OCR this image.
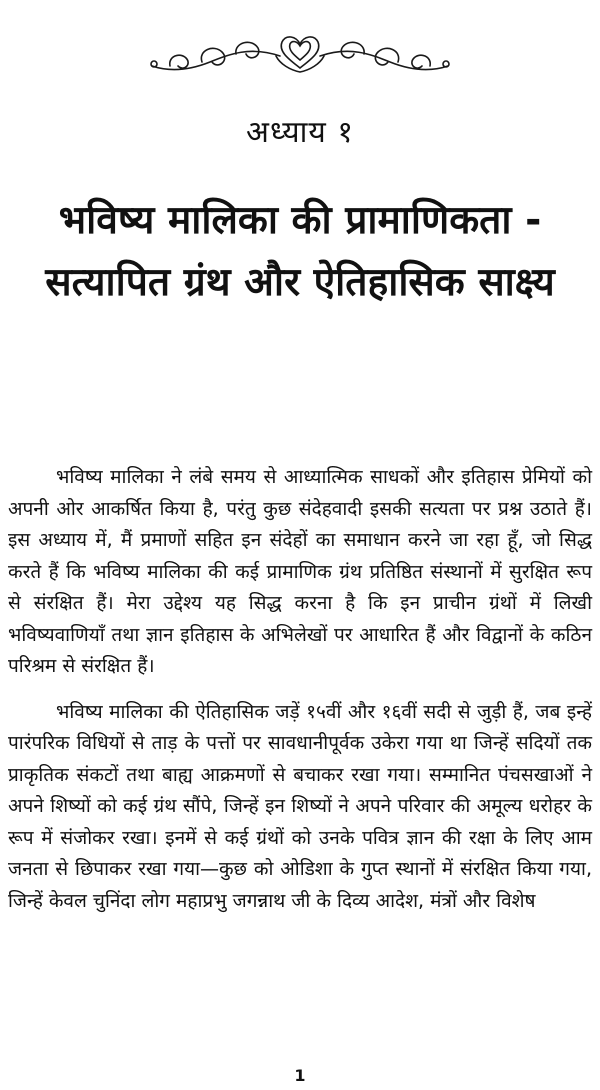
अध्याय १
भविष्य मालिका की प्रामाणिकता - सत्यापित ग्रंथ और ऐतिहासिक साक्ष्य

भविष्य मालिका ने लंबे समय से आध्यात्मिक साधकों और इतिहास प्रेमियों को अपनी ओर आकर्षित किया है, परंतु कुछ संदेहवादी इसकी सत्यता पर प्रश्न उठाते हैं। इस अध्याय में, मैं प्रमाणों सहित इन संदेहों का समाधान करने जा रहा हूँ, जो सिद्ध करते हैं कि भविष्य मालिका की कई प्रामाणिक ग्रंथ प्रतिष्ठित संस्थानों में सुरक्षित रूप से संरक्षित हैं। मेरा उद्देश्य यह सिद्ध करना है कि इन प्राचीन ग्रंथों में लिखी भविष्यवाणियाँ तथा ज्ञान इतिहास के अभिलेखों पर आधारित हैं और विद्वानों के कठिन परिश्रम से संरक्षित हैं।

भविष्य मालिका की ऐतिहासिक जड़ें १५वीं और १६वीं सदी से जुड़ी हैं, जब इन्हें पारंपरिक विधियों से ताड़ के पत्तों पर सावधानीपूर्वक उकेरा गया था जिन्हें सदियों तक प्राकृतिक संकटों तथा बाह्य आक्रमणों से बचाकर रखा गया। सम्मानित पंचसखाओं ने अपने शिष्यों को कई ग्रंथ सौंपे, जिन्हें इन शिष्यों ने अपने परिवार की अमूल्य धरोहर के रूप में संजोकर रखा। इनमें से कई ग्रंथों को उनके पवित्र ज्ञान की रक्षा के लिए आम जनता से छिपाकर रखा गया—कुछ को ओडिशा के गुप्त स्थानों में संरक्षित किया गया, जिन्हें केवल चुनिंदा लोग महाप्रभु जगन्नाथ जी के दिव्य आदेश, मंत्रों और विशेष

1
